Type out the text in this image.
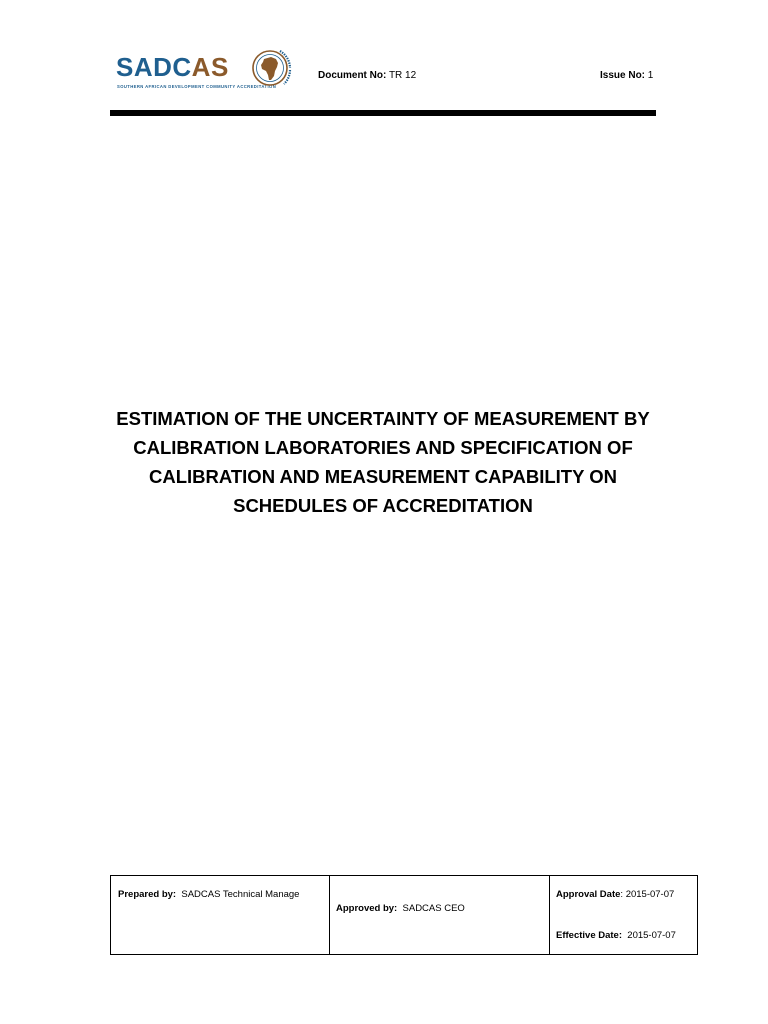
SADCAS
SOUTHERN AFRICAN DEVELOPMENT COMMUNITY ACCREDITATION
Document No: TR 12	Issue No: 1
ESTIMATION OF THE UNCERTAINTY OF MEASUREMENT BY
CALIBRATION LABORATORIES AND SPECIFICATION OF
CALIBRATION AND MEASUREMENT CAPABILITY ON
SCHEDULES OF ACCREDITATION
Prepared by: SADCAS Technical Manage
Approved by: SADCAS CEO
Approval Date: 2015-07-07
Effective Date: 2015-07-07
